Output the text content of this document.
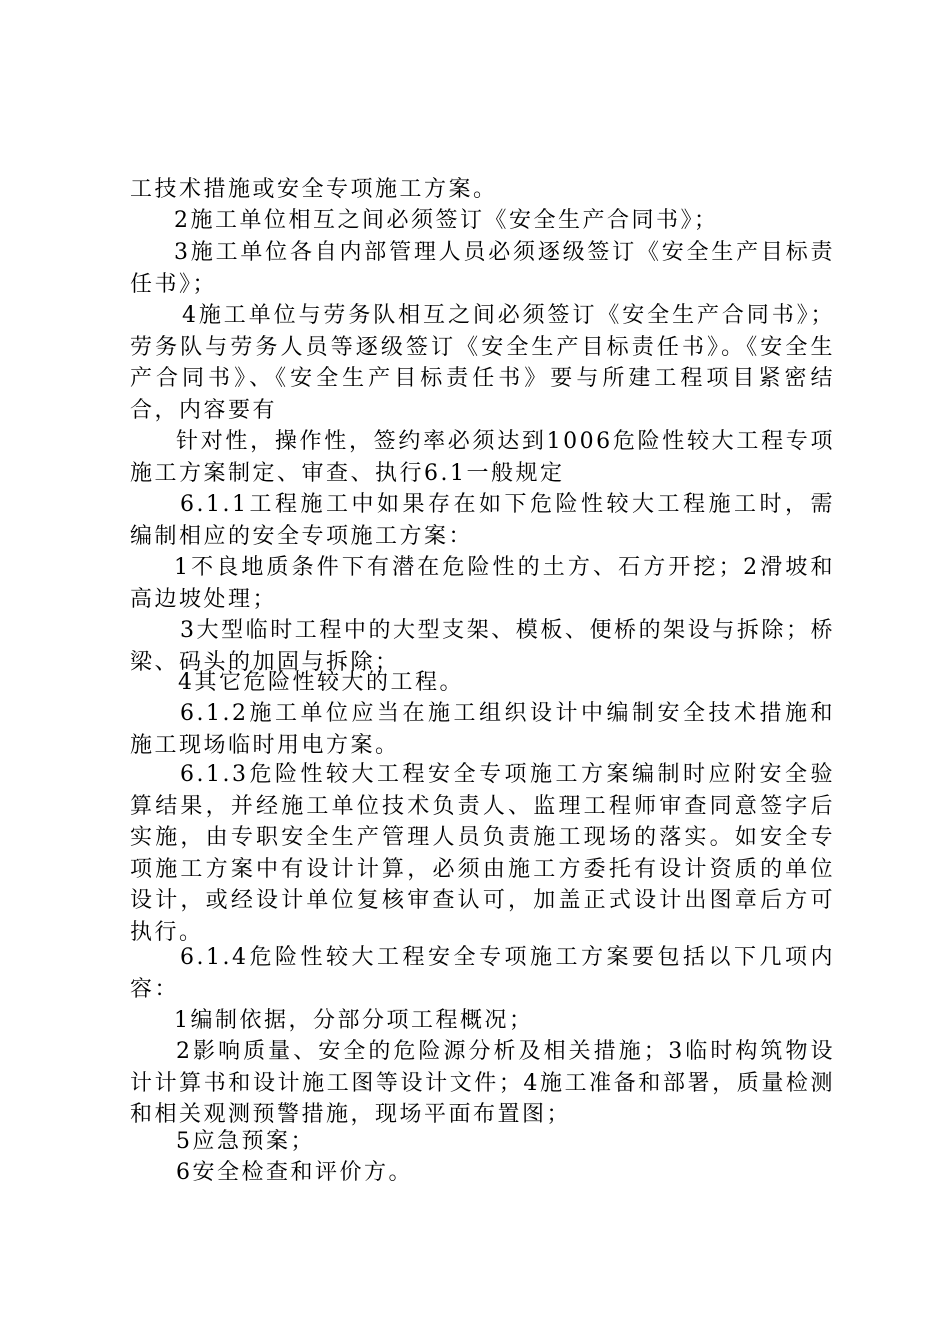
工技术措施或安全专项施工方案。
2施工单位相互之间必须签订《安全生产合同书》；
3施工单位各自内部管理人员必须逐级签订《安全生产目标责任书》；
4施工单位与劳务队相互之间必须签订《安全生产合同书》；劳务队与劳务人员等逐级签订《安全生产目标责任书》。《安全生产合同书》、《安全生产目标责任书》要与所建工程项目紧密结合，内容要有
针对性，操作性，签约率必须达到1006危险性较大工程专项施工方案制定、审查、执行6.1一般规定
6.1.1工程施工中如果存在如下危险性较大工程施工时，需编制相应的安全专项施工方案：
1不良地质条件下有潜在危险性的土方、石方开挖；2滑坡和高边坡处理；
3大型临时工程中的大型支架、模板、便桥的架设与拆除；桥梁、码头的加固与拆除；
4其它危险性较大的工程。
6.1.2施工单位应当在施工组织设计中编制安全技术措施和施工现场临时用电方案。
6.1.3危险性较大工程安全专项施工方案编制时应附安全验算结果，并经施工单位技术负责人、监理工程师审查同意签字后实施，由专职安全生产管理人员负责施工现场的落实。如安全专项施工方案中有设计计算，必须由施工方委托有设计资质的单位设计，或经设计单位复核审查认可，加盖正式设计出图章后方可执行。
6.1.4危险性较大工程安全专项施工方案要包括以下几项内容：
1编制依据，分部分项工程概况；
2影响质量、安全的危险源分析及相关措施；3临时构筑物设计计算书和设计施工图等设计文件；4施工准备和部署，质量检测和相关观测预警措施，现场平面布置图；
5应急预案；
6安全检查和评价方。
